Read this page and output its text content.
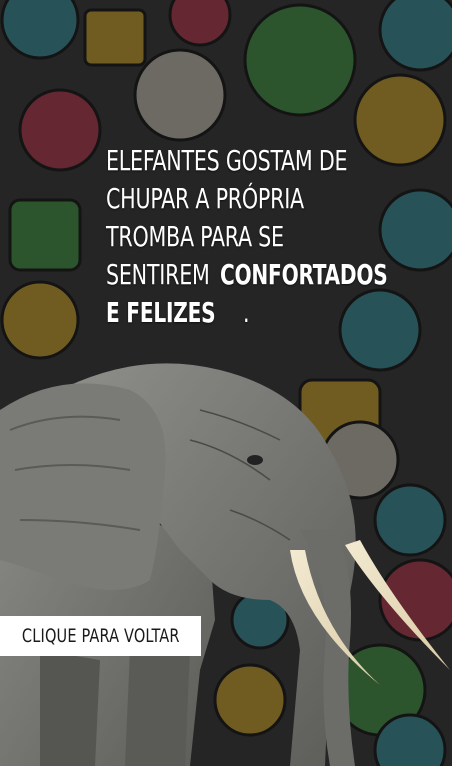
ELEFANTES GOSTAM DE
CHUPAR A PRÓPRIA
TROMBA PARA SE
SENTIREMCONFORTADOS
E FELIZES .
CLIQUE PARA VOLTAR
